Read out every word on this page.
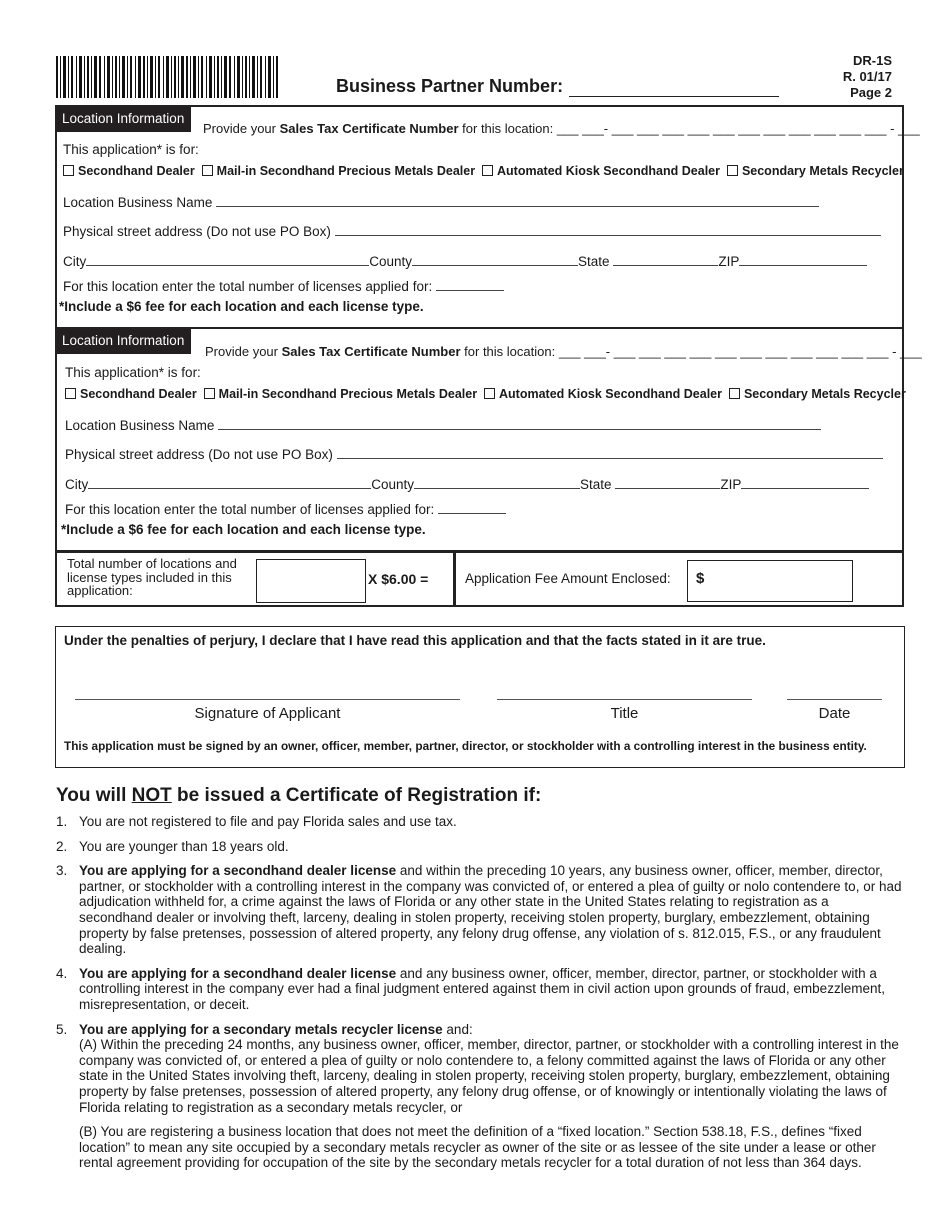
Business Partner Number:
DR-1S
R. 01/17
Page 2
Location Information
Provide your Sales Tax Certificate Number for this location: ___ ___- ___ ___ ___ ___ ___ ___ ___ ___ ___ ___ ___ - ___
This application* is for:
Secondhand Dealer Mail-in Secondhand Precious Metals Dealer Automated Kiosk Secondhand Dealer Secondary Metals Recycler
Location Business Name
Physical street address (Do not use PO Box)
City	County	State	ZIP
For this location enter the total number of licenses applied for:
*Include a $6 fee for each location and each license type.
Location Information
Provide your Sales Tax Certificate Number for this location: ___ ___- ___ ___ ___ ___ ___ ___ ___ ___ ___ ___ ___ - ___
This application* is for:
Secondhand Dealer Mail-in Secondhand Precious Metals Dealer Automated Kiosk Secondhand Dealer Secondary Metals Recycler
Location Business Name
Physical street address (Do not use PO Box)
City	County	State	ZIP
For this location enter the total number of licenses applied for:
*Include a $6 fee for each location and each license type.
Total number of locations and license types included in this application:
X $6.00 =	Application Fee Amount Enclosed: $
Under the penalties of perjury, I declare that I have read this application and that the facts stated in it are true.
Signature of Applicant	Title	Date
This application must be signed by an owner, officer, member, partner, director, or stockholder with a controlling interest in the business entity.
You will NOT be issued a Certificate of Registration if:
1. You are not registered to file and pay Florida sales and use tax.

2. You are younger than 18 years old.

3. You are applying for a secondhand dealer license and within the preceding 10 years, any business owner, officer, member, director, partner, or stockholder with a controlling interest in the company was convicted of, or entered a plea of guilty or nolo contendere to, or had adjudication withheld for, a crime against the laws of Florida or any other state in the United States relating to registration as a secondhand dealer or involving theft, larceny, dealing in stolen property, receiving stolen property, burglary, embezzlement, obtaining property by false pretenses, possession of altered property, any felony drug offense, any violation of s. 812.015, F.S., or any fraudulent dealing.

4. You are applying for a secondhand dealer license and any business owner, officer, member, director, partner, or stockholder with a controlling interest in the company ever had a final judgment entered against them in civil action upon grounds of fraud, embezzlement, misrepresentation, or deceit.

5. You are applying for a secondary metals recycler license and:
(A) Within the preceding 24 months, any business owner, officer, member, director, partner, or stockholder with a controlling interest in the company was convicted of, or entered a plea of guilty or nolo contendere to, a felony committed against the laws of Florida or any other state in the United States involving theft, larceny, dealing in stolen property, receiving stolen property, burglary, embezzlement, obtaining property by false pretenses, possession of altered property, any felony drug offense, or of knowingly or intentionally violating the laws of Florida relating to registration as a secondary metals recycler, or

(B) You are registering a business location that does not meet the definition of a “fixed location.” Section 538.18, F.S., defines “fixed location” to mean any site occupied by a secondary metals recycler as owner of the site or as lessee of the site under a lease or other rental agreement providing for occupation of the site by the secondary metals recycler for a total duration of not less than 364 days.
